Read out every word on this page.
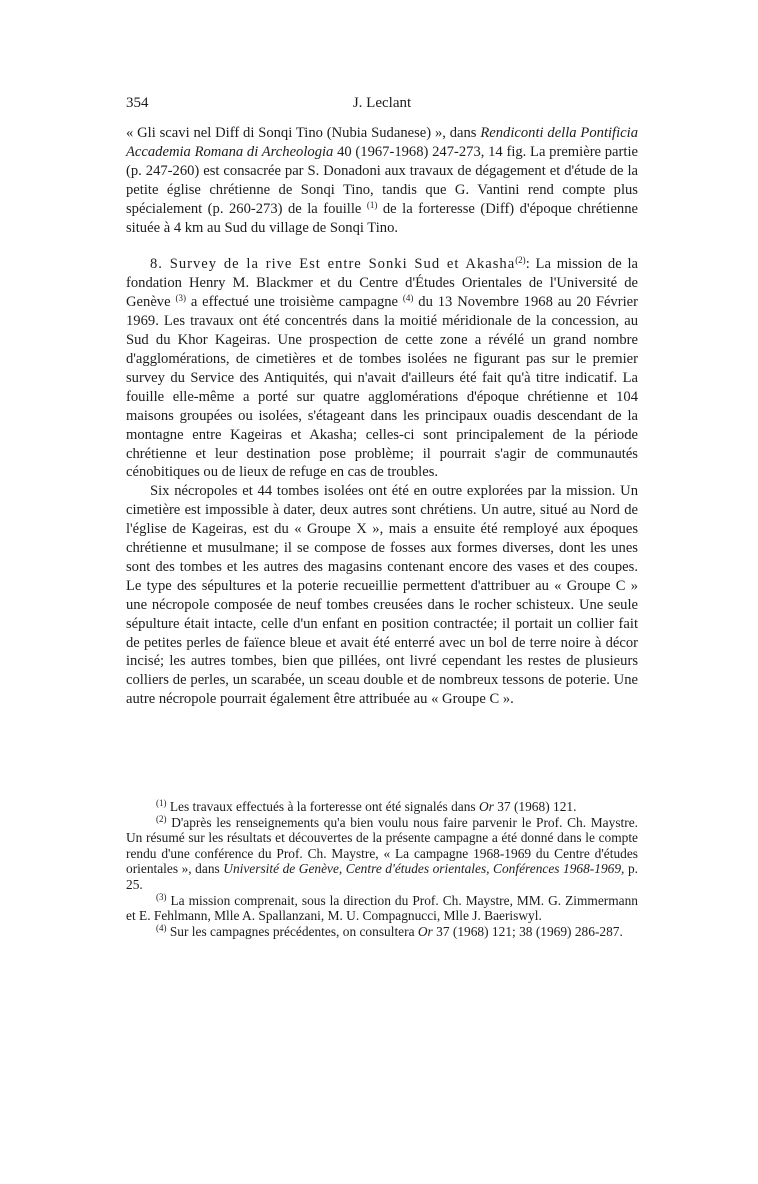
354	J. Leclant

« Gli scavi nel Diff di Sonqi Tino (Nubia Sudanese) », dans Rendiconti della Pontificia Accademia Romana di Archeologia 40 (1967-1968) 247-273, 14 fig. La première partie (p. 247-260) est consacrée par S. Donadoni aux travaux de dégagement et d'étude de la petite église chrétienne de Sonqi Tino, tandis que G. Vantini rend compte plus spécialement (p. 260-273) de la fouille $^{(1)}$ de la forteresse (Diff) d'époque chrétienne située à 4 km au Sud du village de Sonqi Tino.

8. Survey de la rive Est entre Sonki Sud et Akasha$^{(2)}$: La mission de la fondation Henry M. Blackmer et du Centre d'Études Orientales de l'Université de Genève $^{(3)}$ a effectué une troisième campagne $^{(4)}$ du 13 Novembre 1968 au 20 Février 1969. Les travaux ont été concentrés dans la moitié méridionale de la concession, au Sud du Khor Kageiras. Une prospection de cette zone a révélé un grand nombre d'agglomérations, de cimetières et de tombes isolées ne figurant pas sur le premier survey du Service des Antiquités, qui n'avait d'ailleurs été fait qu'à titre indicatif. La fouille elle-même a porté sur quatre agglomérations d'époque chrétienne et 104 maisons groupées ou isolées, s'étageant dans les principaux ouadis descendant de la montagne entre Kageiras et Akasha; celles-ci sont principalement de la période chrétienne et leur destination pose problème; il pourrait s'agir de communautés cénobitiques ou de lieux de refuge en cas de troubles.

Six nécropoles et 44 tombes isolées ont été en outre explorées par la mission. Un cimetière est impossible à dater, deux autres sont chrétiens. Un autre, situé au Nord de l'église de Kageiras, est du « Groupe X », mais a ensuite été remployé aux époques chrétienne et musulmane; il se compose de fosses aux formes diverses, dont les unes sont des tombes et les autres des magasins contenant encore des vases et des coupes. Le type des sépultures et la poterie recueillie permettent d'attribuer au « Groupe C » une nécropole composée de neuf tombes creusées dans le rocher schisteux. Une seule sépulture était intacte, celle d'un enfant en position contractée; il portait un collier fait de petites perles de faïence bleue et avait été enterré avec un bol de terre noire à décor incisé; les autres tombes, bien que pillées, ont livré cependant les restes de plusieurs colliers de perles, un scarabée, un sceau double et de nombreux tessons de poterie. Une autre nécropole pourrait également être attribuée au « Groupe C ».

$^{(1)}$ Les travaux effectués à la forteresse ont été signalés dans Or 37 (1968) 121.

$^{(2)}$ D'après les renseignements qu'a bien voulu nous faire parvenir le Prof. Ch. Maystre. Un résumé sur les résultats et découvertes de la présente campagne a été donné dans le compte rendu d'une conférence du Prof. Ch. Maystre, « La campagne 1968-1969 du Centre d'études orientales », dans Université de Genève, Centre d'études orientales, Conférences 1968-1969, p. 25.

$^{(3)}$ La mission comprenait, sous la direction du Prof. Ch. Maystre, MM. G. Zimmermann et E. Fehlmann, Mlle A. Spallanzani, M. U. Compagnucci, Mlle J. Baeriswyl.

$^{(4)}$ Sur les campagnes précédentes, on consultera Or 37 (1968) 121; 38 (1969) 286-287.
